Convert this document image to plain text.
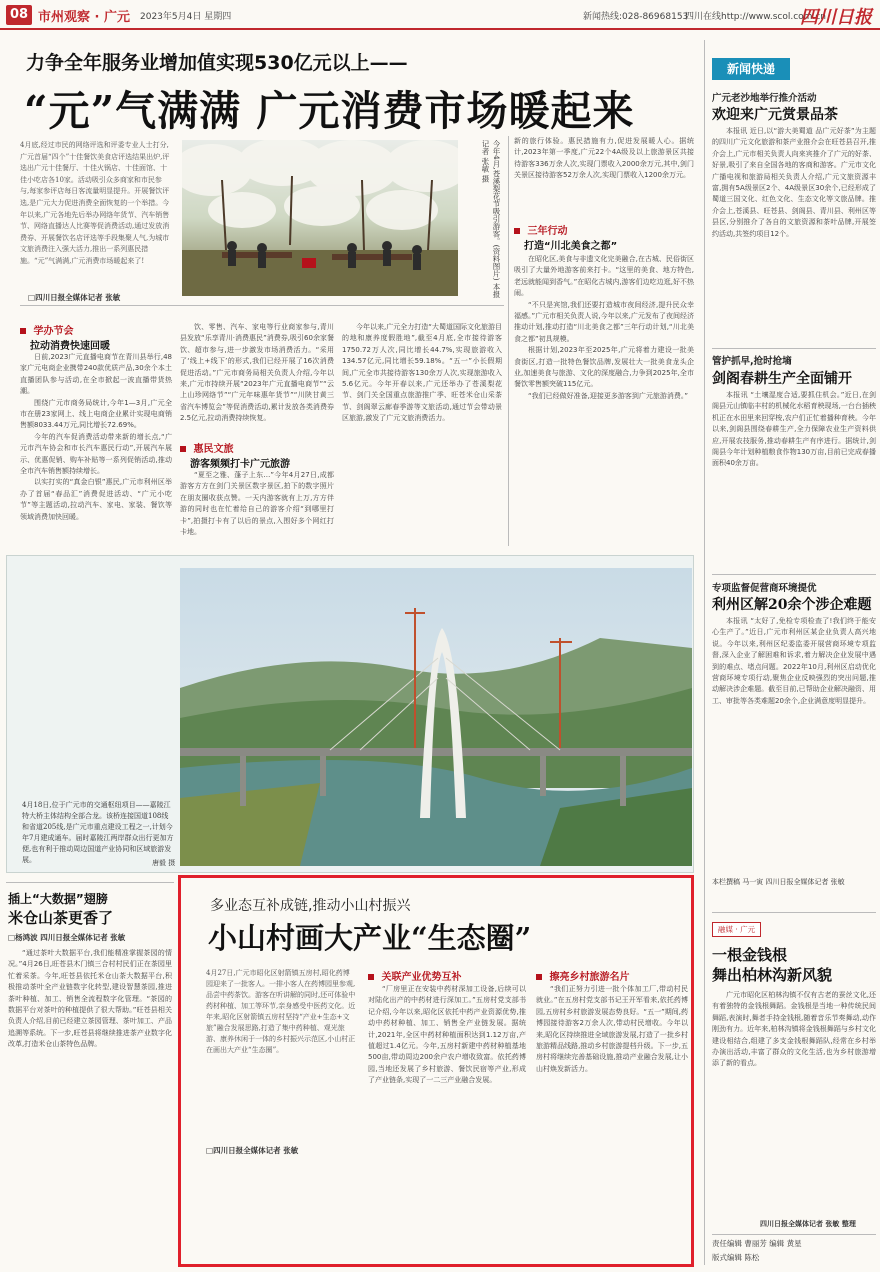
08 市州观察 · 广元 2023年5月4日 星期四	新闻热线:028-86968153
四川在线http://www.scol.com.cn
四川日报
力争全年服务业增加值实现530亿元以上——
“元”气满满 广元消费市场暖起来
4月底,经过市民的网络评选和评委专业人士打分,广元首届“四个”十佳餐饮美食店评选结果出炉,评选出广元十佳餐厅、十佳火锅店、十佳面馆、十佳小吃店各10家。活动吸引众多商家和市民参与,每家参评店每日客流量明显提升。开展餐饮评选,是广元大力促进消费全面恢复的一个举措。今年以来,广元各地先后举办网络年货节、汽车销售节、网络直播达人比赛等促消费活动,通过发放消费券、开展餐饮名店评选等手段集聚人气,为城市文旅消费注入强大活力,推出一系列惠民措施。“元”气满满,广元消费市场暖起来了!
□四川日报全媒体记者 张敏	今年4月,苍溪梨花节吸引游客。(资料图片) 本报记者 张敏 摄	新的旅行体验。惠民措施有力,促进发展暖人心。据统计,2023年第一季度,广元22个4A级及以上旅游景区共接待游客336万余人次,实现门票收入2000余万元,其中,剑门关景区接待游客52万余人次,实现门票收入1200余万元。
三年行动
打造“川北美食之都”

在昭化区,美食与非遗文化完美融合,在古城、民俗街区吸引了大量外地游客前来打卡。“这里的美食、地方特色,老远就能闻到香气。”在昭化古城内,游客们边吃边逛,好不热闹。

“不只是宾馆,我们还要打造城市夜间经济,提升民众幸福感。”广元市相关负责人说,今年以来,广元发布了夜间经济推动计划,推动打造“川北美食之都”三年行动计划,“川北美食之都”初具规模。

根据计划,2023年至2025年,广元将着力建设一批美食街区,打造一批特色餐饮品牌,发展壮大一批美食龙头企业,加速美食与旅游、文化的深度融合,力争到2025年,全市餐饮零售额突破115亿元。

“我们已经做好准备,迎接更多游客到广元旅游消费。”

学办节会
拉动消费快速回暖

日前,2023广元直播电商节在青川县举行,48家广元电商企业携带240款优质产品,30余个本土直播团队参与活动,在全市掀起一波直播带货热潮。

围绕广元市商务局统计,今年1—3月,广元全市在册23家网上、线上电商企业累计实现电商销售额8033.44万元,同比增长72.69%。

今年的汽车促消费活动带来新的增长点,“广元市汽车协会和市长汽车惠民行动”,开展汽车展示、优惠促销、购车补贴等一系列促销活动,推动全市汽车销售额持续增长。

以实打实的“真金白银”惠民,广元市利州区举办了首届“春品汇”消费促进活动、“广元小吃节”等主题活动,拉动汽车、家电、家装、餐饮等领域消费加快回暖。

饮、零售、汽车、家电等行业商家参与,青川县发放“乐享青川·消费惠民”消费券,吸引60余家餐饮、超市参与,进一步激发市场消费活力。“采用了‘线上+线下’的形式,我们已经开展了16次消费促进活动。”广元市商务局相关负责人介绍,今年以来,广元市持续开展“2023年广元直播电商节”“云上山珍网络节”“广元年味惠年货节”“川陕甘黄三省汽车博览会”等促消费活动,累计发放各类消费券2.5亿元,拉动消费持续恢复。

惠民文旅
游客频频打卡广元旅游

“夏至之雅、蓬子上东…”今年4月27日,成都游客方方在剑门关景区数字景区,拍下的数字照片在朋友圈收获点赞。一天内游客就有上万,方方伴游的同时也在忙着给自己的游客介绍“到哪里打卡”,拍摄打卡有了以后的景点,入围好多个网红打卡地。

今年以来,广元全力打造“大蜀道国际文化旅游目的地和康养度假胜地”,截至4月底,全市接待游客1750.72万人次,同比增长44.7%,实现旅游收入134.57亿元,同比增长59.18%。“五一”小长假期间,广元全市共接待游客130余万人次,实现旅游收入5.6亿元。今年开春以来,广元还举办了苍溪梨花节、剑门关全国重点旅游推广季、旺苍米仓山采茶节、剑阁翠云廊春季游等文旅活动,通过节会带动景区旅游,激发了广元文旅消费活力。

4月18日,位于广元市的交通枢纽项目——嘉陵江特大桥主体结构全部合龙。该桥连接国道108线和省道205线,是广元市重点建设工程之一,计划今年7月建成通车。届时嘉陵江两岸群众出行更加方便,也有利于推动周边国道产业协同和区域旅游发展。	唐毅 摄
新闻快递
广元老沙地举行推介活动
欢迎来广元赏景品茶

本报讯 近日,以“游大美蜀道 品广元好茶”为主题的四川广元文化旅游和茶产业推介会在旺苍县召开,推介会上,广元市相关负责人向来宾推介了广元的好茶、好景,吸引了来自全国各地的客商和游客。广元市文化广播电视和旅游局相关负责人介绍,广元文旅资源丰富,拥有5A级景区2个、4A级景区30余个,已经形成了蜀道三国文化、红色文化、生态文化等文旅品牌。推介会上,苍溪县、旺苍县、剑阁县、青川县、利州区等县区,分别推介了各自的文旅资源和茶叶品牌,开展签约活动,共签约项目12个。

管护抓早,抢时抢墒
剑阁春耕生产全面铺开

本报讯 “土壤湿度合适,要抓住机会。”近日,在剑阁县元山镇临丰村的机械化水稻育秧现场,一台台插秧机正在水田里来回穿梭,农户们正忙着播种育秧。今年以来,剑阁县围绕春耕生产,全力保障农业生产资料供应,开展农技服务,推动春耕生产有序进行。据统计,剑阁县今年计划种植粮食作物130万亩,目前已完成春播面积40余万亩。

专项监督促营商环境提优
利州区解20余个涉企难题

本报讯 “太好了,免检专项检查了!我们终于能安心生产了。”近日,广元市利州区某企业负责人高兴地说。今年以来,利州区纪委监委开展营商环境专项监督,深入企业了解困难和诉求,着力解决企业发展中遇到的难点、堵点问题。2022年10月,利州区启动优化营商环境专项行动,聚焦企业反映强烈的突出问题,推动解决涉企难题。截至目前,已帮助企业解决融资、用工、审批等各类难题20余个,企业满意度明显提升。

本栏撰稿 马一寅 四川日报全媒体记者 张敏
插上“大数据”翅膀
米仓山茶更香了
□杨鸿波 四川日报全媒体记者 张敏

“通过茶叶大数据平台,我们能精准掌握茶园的情况。”4月26日,旺苍县木门镇三合村村民们正在茶园里忙着采茶。今年,旺苍县依托米仓山茶大数据平台,积极推动茶叶全产业链数字化转型,建设智慧茶园,推进茶叶种植、加工、销售全流程数字化管理。“茶园的数据平台对茶叶的种植提供了很大帮助。”旺苍县相关负责人介绍,目前已经建立茶园管理、茶叶加工、产品追溯等系统。下一步,旺苍县将继续推进茶产业数字化改革,打造米仓山茶特色品牌。

多业态互补成链,推动小山村振兴
小山村画大产业“生态圈”
4月27日,广元市昭化区射箭镇五房村,昭化药博园迎来了一批客人。一排小客人在药博园里参观,品尝中药茶饮。游客在听讲解的同时,还可体验中药材种植、加工等环节,亲身感受中医药文化。近年来,昭化区射箭镇五房村坚持“产业+生态+文旅”融合发展思路,打造了集中药种植、观光旅游、康养休闲于一体的乡村振兴示范区,小山村正在画出大产业“生态圈”。
□四川日报全媒体记者 张敏
关联产业优势互补

“厂房里正在安装中药材深加工设备,后续可以对陆化出产的中药材进行深加工。”五房村党支部书记介绍,今年以来,昭化区依托中药产业资源优势,推动中药材种植、加工、销售全产业链发展。据统计,2021年,全区中药材种植面积达到1.12万亩,产值超过1.4亿元。今年,五房村新建中药材种植基地500亩,带动周边200余户农户增收致富。依托药博园,当地还发展了乡村旅游、餐饮民宿等产业,形成了产业链条,实现了一二三产业融合发展。

擦亮乡村旅游名片

“我们正努力引进一批个体加工厂,带动村民就业。”在五房村党支部书记王开军看来,依托药博园,五房村乡村旅游发展态势良好。“五一”期间,药博园接待游客2万余人次,带动村民增收。今年以来,昭化区持续推进全域旅游发展,打造了一批乡村旅游精品线路,推动乡村旅游提档升级。下一步,五房村将继续完善基础设施,推动产业融合发展,让小山村焕发新活力。

融媒 · 广元
一根金钱根
舞出柏林沟新风貌

广元市昭化区柏林沟镇不仅有古老的蚕丝文化,还有着独特的金钱根舞蹈。金钱根是当地一种传统民间舞蹈,表演时,舞者手持金钱根,随着音乐节奏舞动,动作刚劲有力。近年来,柏林沟镇将金钱根舞蹈与乡村文化建设相结合,组建了多支金钱根舞蹈队,经常在乡村举办演出活动,丰富了群众的文化生活,也为乡村旅游增添了新的看点。

四川日报全媒体记者 张敏 整理
责任编辑 曹丽芳 编辑 黄星
版式编辑 陈松
